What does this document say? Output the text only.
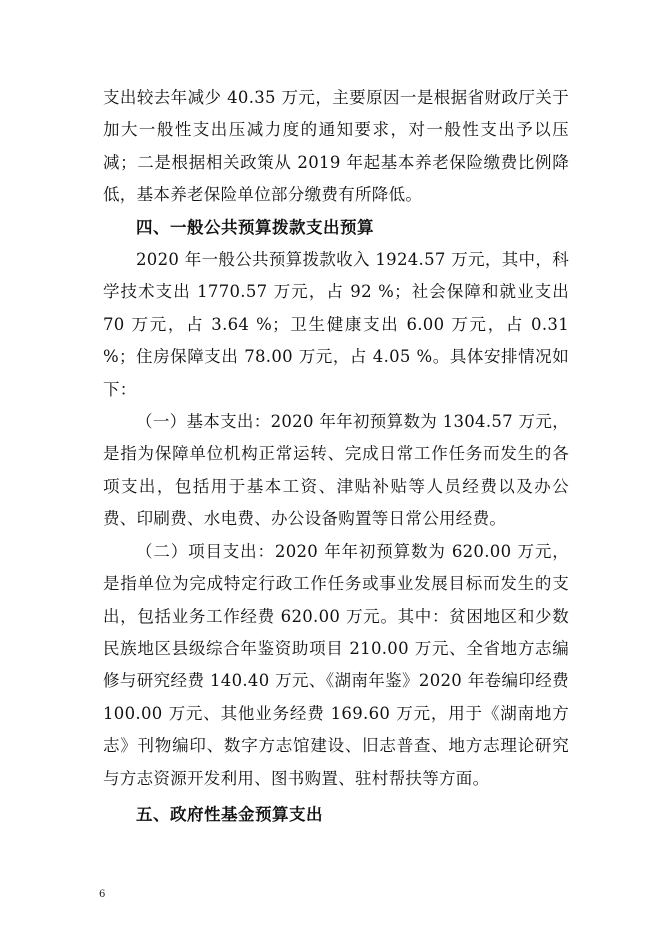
支出较去年减少 40.35 万元，主要原因一是根据省财政厅关于加大一般性支出压减力度的通知要求，对一般性支出予以压减；二是根据相关政策从 2019 年起基本养老保险缴费比例降低，基本养老保险单位部分缴费有所降低。

四、一般公共预算拨款支出预算

2020 年一般公共预算拨款收入 1924.57 万元，其中，科学技术支出 1770.57 万元，占 92 %；社会保障和就业支出 70 万元，占 3.64 %；卫生健康支出 6.00 万元，占 0.31 %；住房保障支出 78.00 万元，占 4.05 %。具体安排情况如下：

（一）基本支出：2020 年年初预算数为 1304.57 万元，是指为保障单位机构正常运转、完成日常工作任务而发生的各项支出，包括用于基本工资、津贴补贴等人员经费以及办公费、印刷费、水电费、办公设备购置等日常公用经费。

（二）项目支出：2020 年年初预算数为 620.00 万元，是指单位为完成特定行政工作任务或事业发展目标而发生的支出，包括业务工作经费 620.00 万元。其中：贫困地区和少数民族地区县级综合年鉴资助项目 210.00 万元、全省地方志编修与研究经费 140.40 万元、《湖南年鉴》2020 年卷编印经费 100.00 万元、其他业务经费 169.60 万元，用于《湖南地方志》刊物编印、数字方志馆建设、旧志普查、地方志理论研究与方志资源开发利用、图书购置、驻村帮扶等方面。

五、政府性基金预算支出

6
